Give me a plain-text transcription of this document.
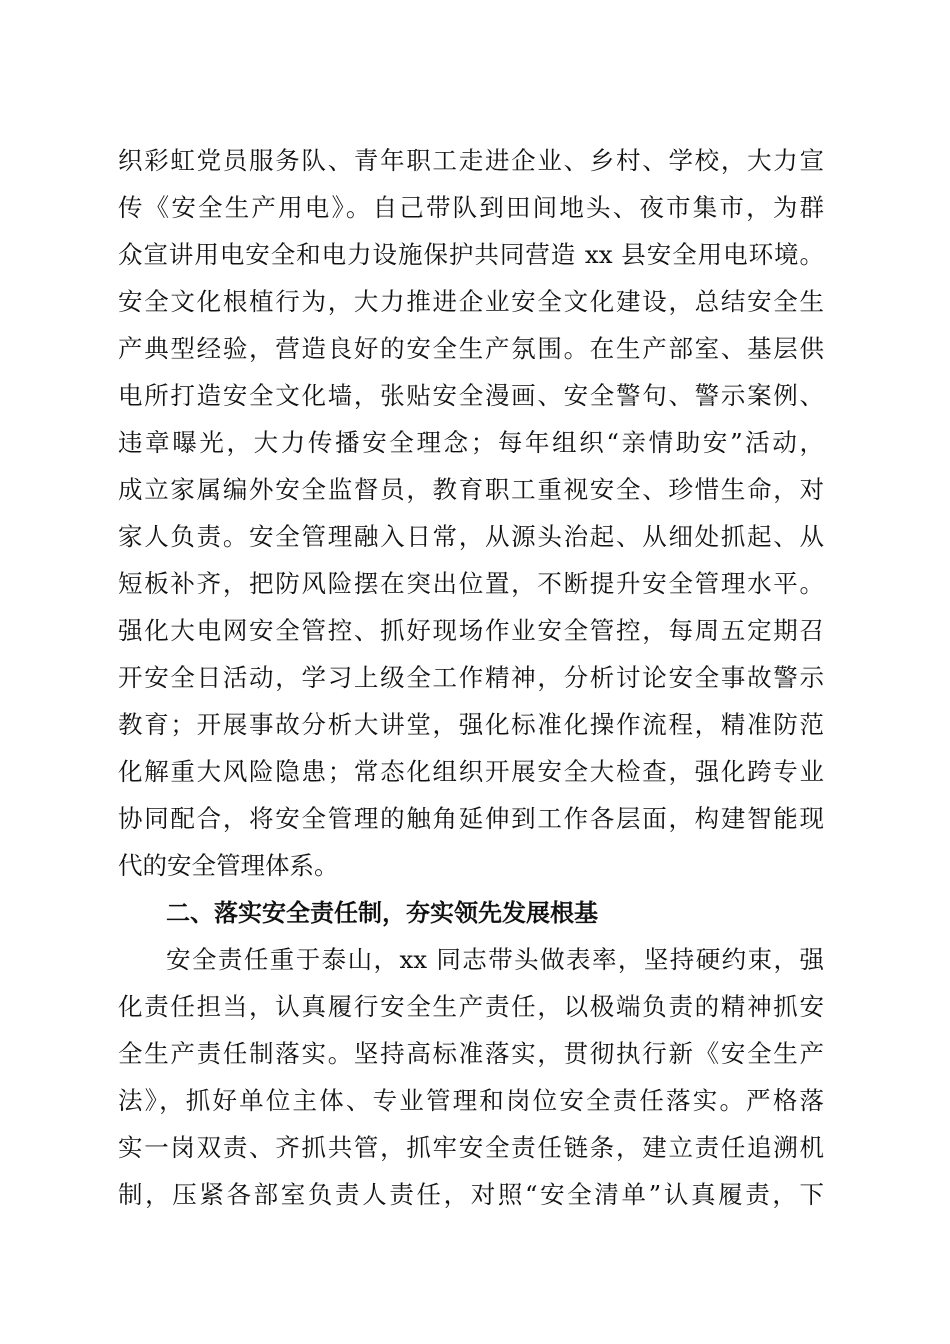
织彩虹党员服务队、青年职工走进企业、乡村、学校，大力宣
传《安全生产用电》。自己带队到田间地头、夜市集市，为群
众宣讲用电安全和电力设施保护共同营造 xx 县安全用电环境。
安全文化根植行为，大力推进企业安全文化建设，总结安全生
产典型经验，营造良好的安全生产氛围。在生产部室、基层供
电所打造安全文化墙，张贴安全漫画、安全警句、警示案例、
违章曝光，大力传播安全理念；每年组织“亲情助安”活动，
成立家属编外安全监督员，教育职工重视安全、珍惜生命，对
家人负责。安全管理融入日常，从源头治起、从细处抓起、从
短板补齐，把防风险摆在突出位置，不断提升安全管理水平。
强化大电网安全管控、抓好现场作业安全管控，每周五定期召
开安全日活动，学习上级全工作精神，分析讨论安全事故警示
教育；开展事故分析大讲堂，强化标准化操作流程，精准防范
化解重大风险隐患；常态化组织开展安全大检查，强化跨专业
协同配合，将安全管理的触角延伸到工作各层面，构建智能现
代的安全管理体系。
二、落实安全责任制，夯实领先发展根基
安全责任重于泰山，xx 同志带头做表率，坚持硬约束，强
化责任担当，认真履行安全生产责任，以极端负责的精神抓安
全生产责任制落实。坚持高标准落实，贯彻执行新《安全生产
法》，抓好单位主体、专业管理和岗位安全责任落实。严格落
实一岗双责、齐抓共管，抓牢安全责任链条，建立责任追溯机
制，压紧各部室负责人责任，对照“安全清单”认真履责，下
